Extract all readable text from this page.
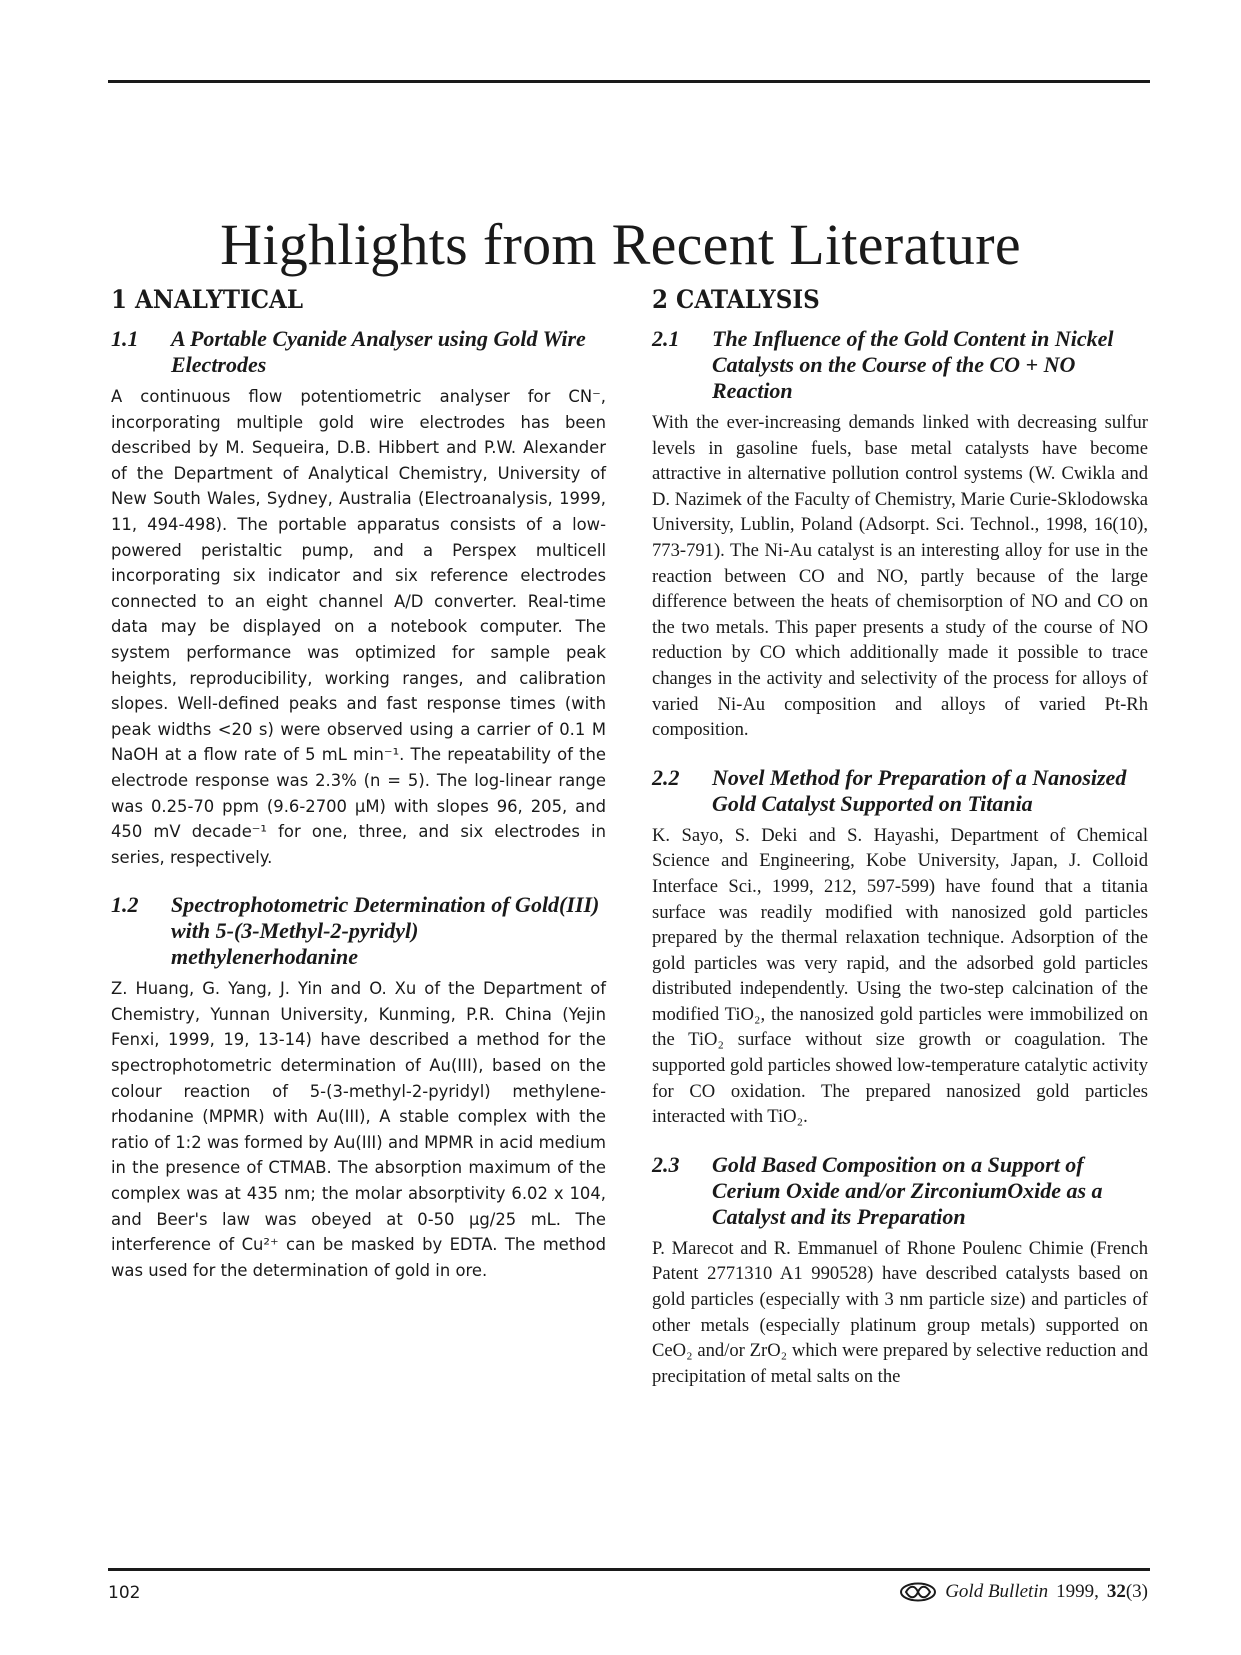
Highlights from Recent Literature
1 ANALYTICAL
1.1	A Portable Cyanide Analyser using Gold Wire Electrodes

A continuous flow potentiometric analyser for CN⁻, incorporating multiple gold wire electrodes has been described by M. Sequeira, D.B. Hibbert and P.W. Alexander of the Department of Analytical Chemistry, University of New South Wales, Sydney, Australia (Electroanalysis, 1999, 11, 494-498). The portable apparatus consists of a low-powered peristaltic pump, and a Perspex multicell incorporating six indicator and six reference electrodes connected to an eight channel A/D converter. Real-time data may be displayed on a notebook computer. The system performance was optimized for sample peak heights, reproducibility, working ranges, and calibration slopes. Well-defined peaks and fast response times (with peak widths <20 s) were observed using a carrier of 0.1 M NaOH at a flow rate of 5 mL min⁻¹. The repeatability of the electrode response was 2.3% (n = 5). The log-linear range was 0.25-70 ppm (9.6-2700 μM) with slopes 96, 205, and 450 mV decade⁻¹ for one, three, and six electrodes in series, respectively.

1.2	Spectrophotometric Determination of Gold(III) with 5-(3-Methyl-2-pyridyl) methylenerhodanine

Z. Huang, G. Yang, J. Yin and O. Xu of the Department of Chemistry, Yunnan University, Kunming, P.R. China (Yejin Fenxi, 1999, 19, 13-14) have described a method for the spectrophotometric determination of Au(III), based on the colour reaction of 5-(3-methyl-2-pyridyl) methylene-rhodanine (MPMR) with Au(III), A stable complex with the ratio of 1:2 was formed by Au(III) and MPMR in acid medium in the presence of CTMAB. The absorption maximum of the complex was at 435 nm; the molar absorptivity 6.02 x 104, and Beer's law was obeyed at 0-50 μg/25 mL. The interference of Cu²⁺ can be masked by EDTA. The method was used for the determination of gold in ore.

2 CATALYSIS
2.1	The Influence of the Gold Content in Nickel Catalysts on the Course of the CO + NO Reaction

With the ever-increasing demands linked with decreasing sulfur levels in gasoline fuels, base metal catalysts have become attractive in alternative pollution control systems (W. Cwikla and D. Nazimek of the Faculty of Chemistry, Marie Curie-Sklodowska University, Lublin, Poland (Adsorpt. Sci. Technol., 1998, 16(10), 773-791). The Ni-Au catalyst is an interesting alloy for use in the reaction between CO and NO, partly because of the large difference between the heats of chemisorption of NO and CO on the two metals. This paper presents a study of the course of NO reduction by CO which additionally made it possible to trace changes in the activity and selectivity of the process for alloys of varied Ni-Au composition and alloys of varied Pt-Rh composition.

2.2	Novel Method for Preparation of a Nanosized Gold Catalyst Supported on Titania

K. Sayo, S. Deki and S. Hayashi, Department of Chemical Science and Engineering, Kobe University, Japan, J. Colloid Interface Sci., 1999, 212, 597-599) have found that a titania surface was readily modified with nanosized gold particles prepared by the thermal relaxation technique. Adsorption of the gold particles was very rapid, and the adsorbed gold particles distributed independently. Using the two-step calcination of the modified TiO₂, the nanosized gold particles were immobilized on the TiO₂ surface without size growth or coagulation. The supported gold particles showed low-temperature catalytic activity for CO oxidation. The prepared nanosized gold particles interacted with TiO₂.

2.3	Gold Based Composition on a Support of Cerium Oxide and/or ZirconiumOxide as a Catalyst and its Preparation

P. Marecot and R. Emmanuel of Rhone Poulenc Chimie (French Patent 2771310 A1 990528) have described catalysts based on gold particles (especially with 3 nm particle size) and particles of other metals (especially platinum group metals) supported on CeO₂ and/or ZrO₂ which were prepared by selective reduction and precipitation of metal salts on the

102	Gold Bulletin 1999, 32(3)
